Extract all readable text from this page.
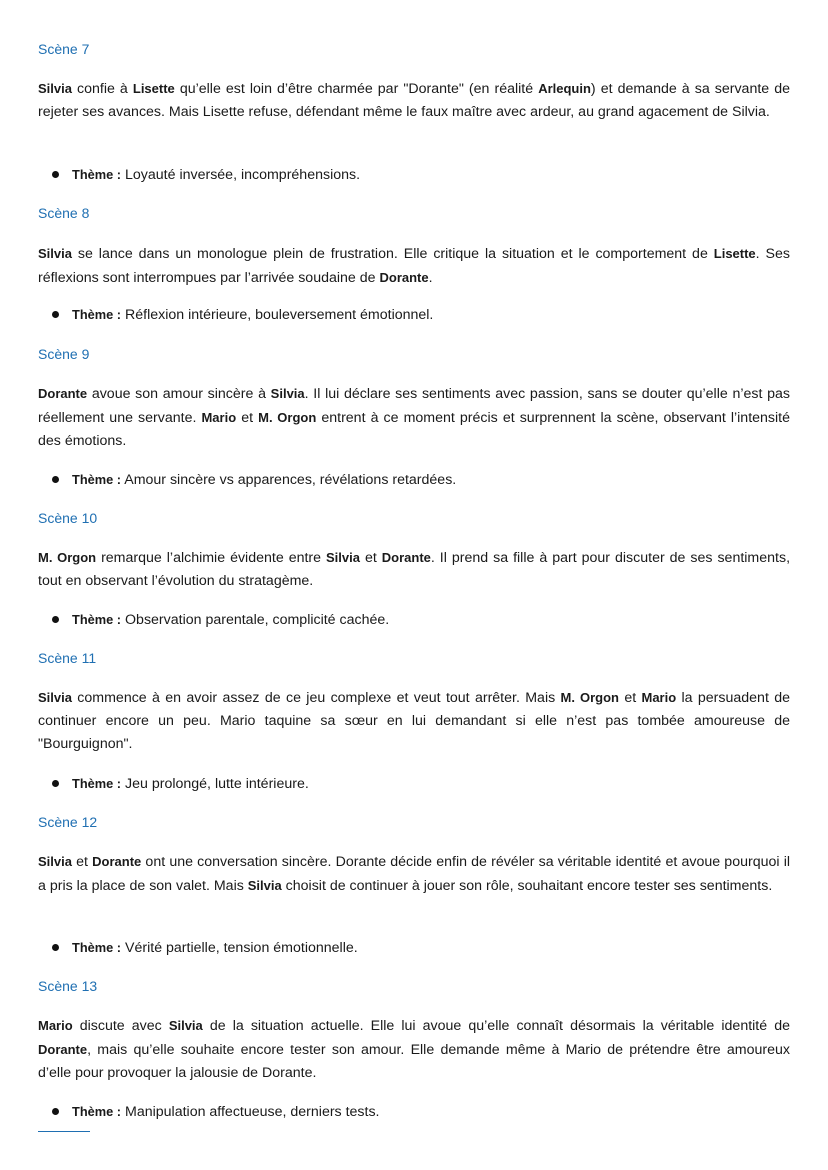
Scène 7

Silvia confie à Lisette qu’elle est loin d’être charmée par "Dorante" (en réalité Arlequin) et demande à sa servante de rejeter ses avances. Mais Lisette refuse, défendant même le faux maître avec ardeur, au grand agacement de Silvia.

Thème : Loyauté inversée, incompréhensions.

Scène 8

Silvia se lance dans un monologue plein de frustration. Elle critique la situation et le comportement de Lisette. Ses réflexions sont interrompues par l’arrivée soudaine de Dorante.

Thème : Réflexion intérieure, bouleversement émotionnel.

Scène 9

Dorante avoue son amour sincère à Silvia. Il lui déclare ses sentiments avec passion, sans se douter qu’elle n’est pas réellement une servante. Mario et M. Orgon entrent à ce moment précis et surprennent la scène, observant l’intensité des émotions.

Thème : Amour sincère vs apparences, révélations retardées.

Scène 10

M. Orgon remarque l’alchimie évidente entre Silvia et Dorante. Il prend sa fille à part pour discuter de ses sentiments, tout en observant l’évolution du stratagème.

Thème : Observation parentale, complicité cachée.

Scène 11

Silvia commence à en avoir assez de ce jeu complexe et veut tout arrêter. Mais M. Orgon et Mario la persuadent de continuer encore un peu. Mario taquine sa sœur en lui demandant si elle n’est pas tombée amoureuse de "Bourguignon".

Thème : Jeu prolongé, lutte intérieure.

Scène 12

Silvia et Dorante ont une conversation sincère. Dorante décide enfin de révéler sa véritable identité et avoue pourquoi il a pris la place de son valet. Mais Silvia choisit de continuer à jouer son rôle, souhaitant encore tester ses sentiments.

Thème : Vérité partielle, tension émotionnelle.

Scène 13

Mario discute avec Silvia de la situation actuelle. Elle lui avoue qu’elle connaît désormais la véritable identité de Dorante, mais qu’elle souhaite encore tester son amour. Elle demande même à Mario de prétendre être amoureux d’elle pour provoquer la jalousie de Dorante.

Thème : Manipulation affectueuse, derniers tests.
